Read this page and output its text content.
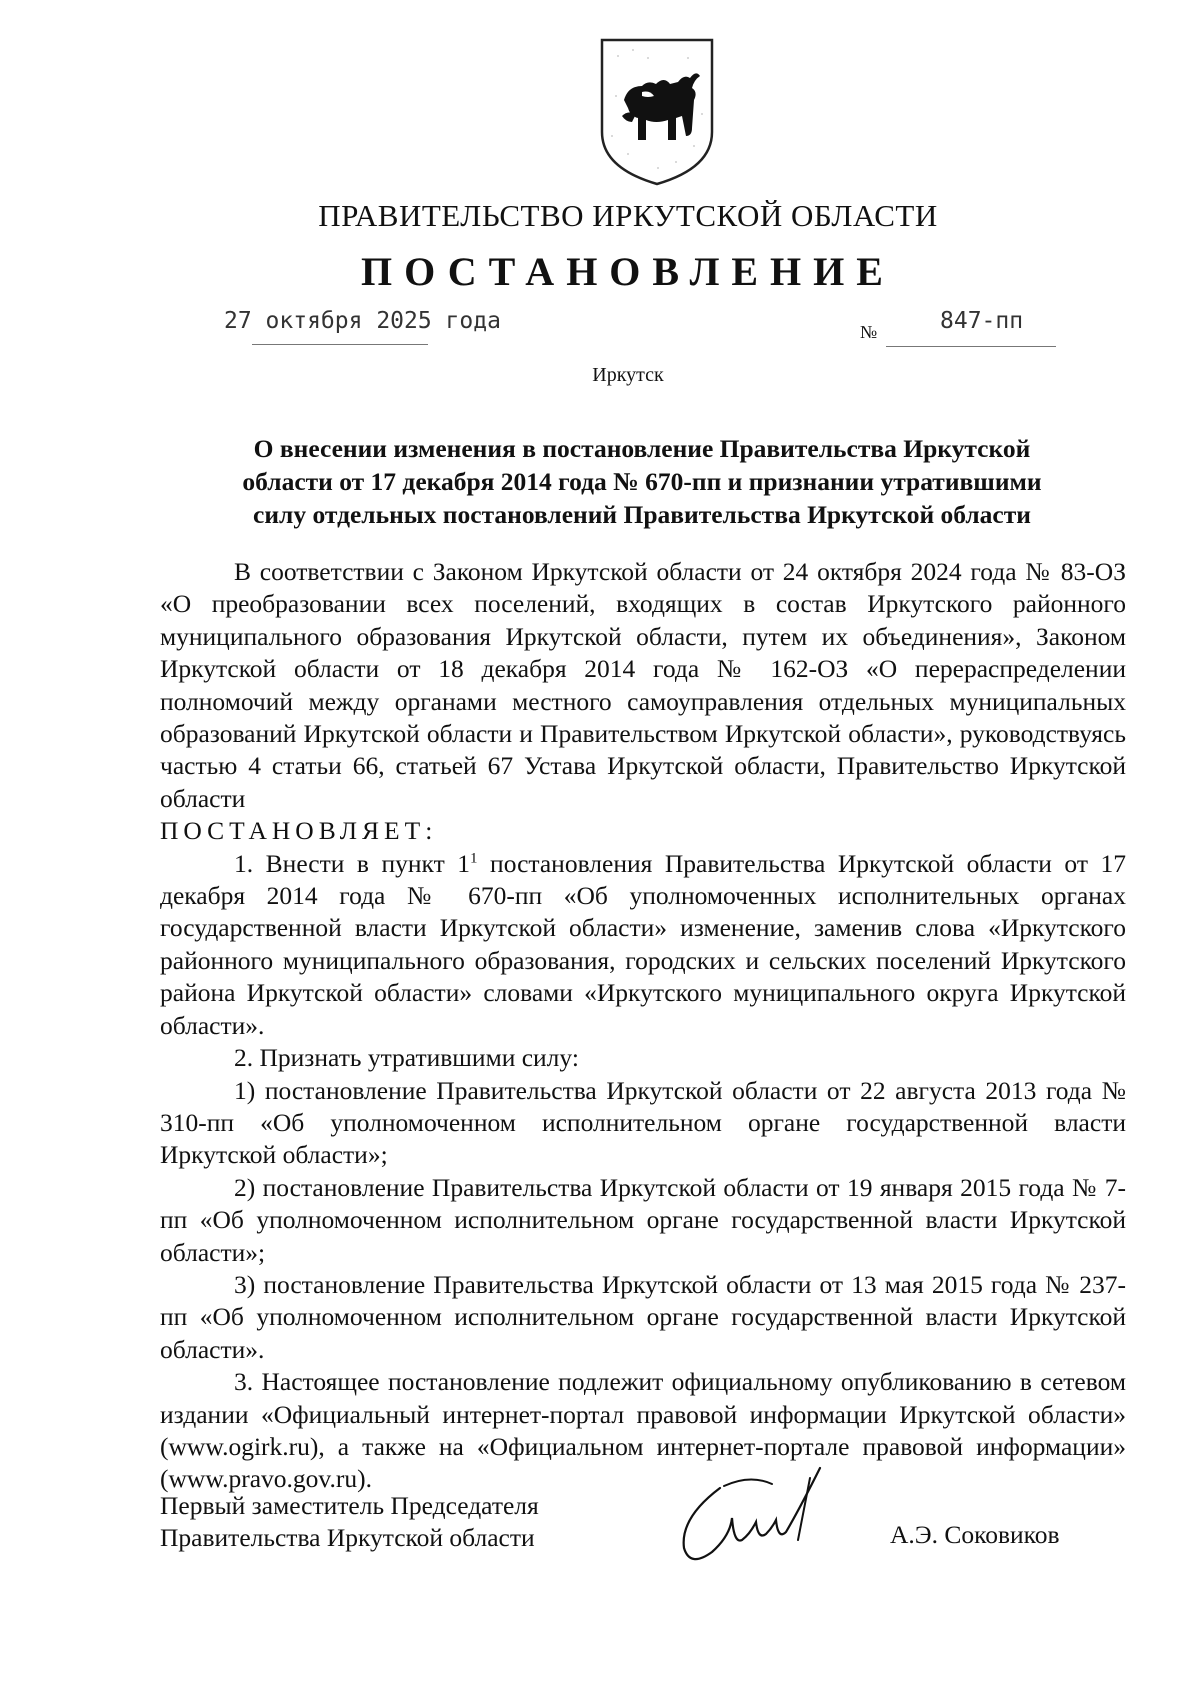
ПРАВИТЕЛЬСТВО ИРКУТСКОЙ ОБЛАСТИ
ПОСТАНОВЛЕНИЕ
27 октября 2025 года	№	847-пп
Иркутск
О внесении изменения в постановление Правительства Иркутской
области от 17 декабря 2014 года № 670-пп и признании утратившими
силу отдельных постановлений Правительства Иркутской области

В соответствии с Законом Иркутской области от 24 октября 2024 года № 83-ОЗ «О преобразовании всех поселений, входящих в состав Иркутского районного муниципального образования Иркутской области, путем их объединения», Законом Иркутской области от 18 декабря 2014 года № 162-ОЗ «О перераспределении полномочий между органами местного самоуправления отдельных муниципальных образований Иркутской области и Правительством Иркутской области», руководствуясь частью 4 статьи 66, статьей 67 Устава Иркутской области, Правительство Иркутской области

ПОСТАНОВЛЯЕТ:

1. Внести в пункт $1^1$ постановления Правительства Иркутской области от 17 декабря 2014 года № 670-пп «Об уполномоченных исполнительных органах государственной власти Иркутской области» изменение, заменив слова «Иркутского районного муниципального образования, городских и сельских поселений Иркутского района Иркутской области» словами «Иркутского муниципального округа Иркутской области».

2. Признать утратившими силу:

1) постановление Правительства Иркутской области от 22 августа 2013 года № 310-пп «Об уполномоченном исполнительном органе государственной власти Иркутской области»;

2) постановление Правительства Иркутской области от 19 января 2015 года № 7-пп «Об уполномоченном исполнительном органе государственной власти Иркутской области»;

3) постановление Правительства Иркутской области от 13 мая 2015 года № 237-пп «Об уполномоченном исполнительном органе государственной власти Иркутской области».

3. Настоящее постановление подлежит официальному опубликованию в сетевом издании «Официальный интернет-портал правовой информации Иркутской области» (www.ogirk.ru), а также на «Официальном интернет-портале правовой информации» (www.pravo.gov.ru).

Первый заместитель Председателя
Правительства Иркутской области	А.Э. Соковиков
